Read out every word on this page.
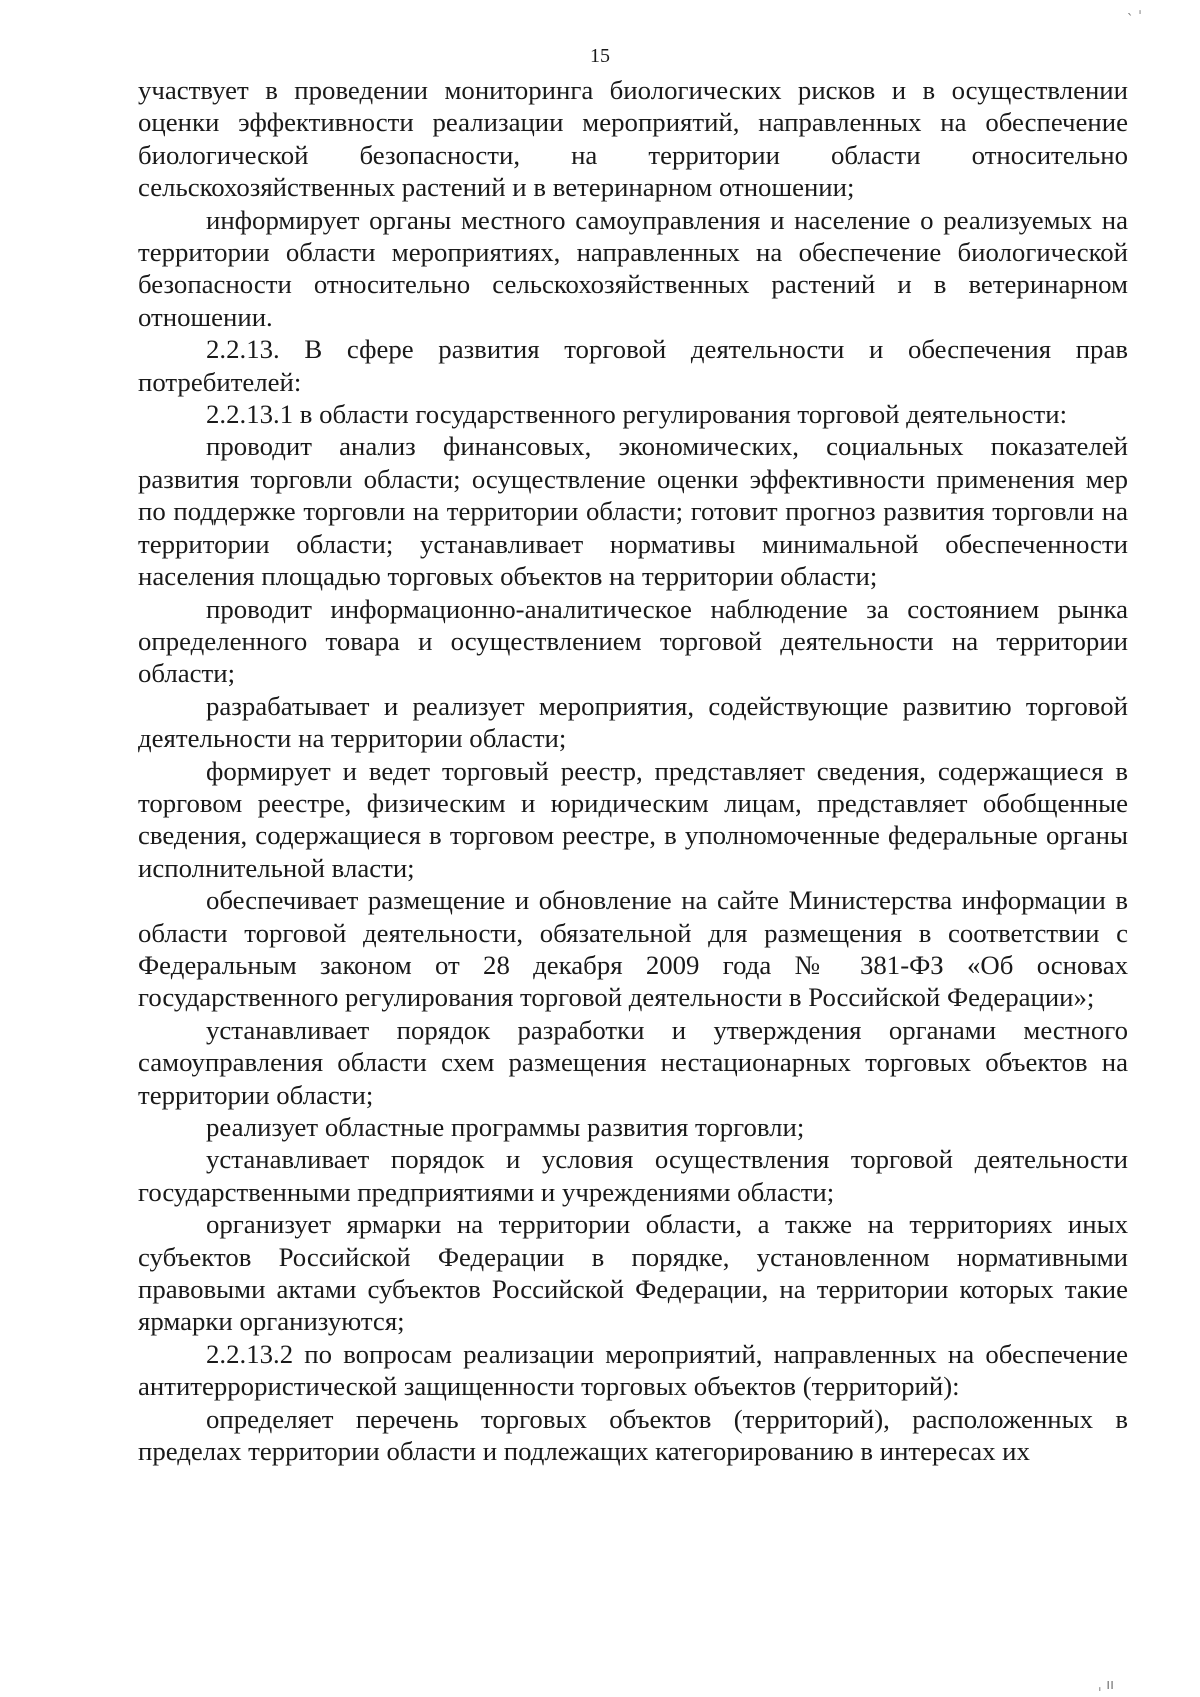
15

участвует в проведении мониторинга биологических рисков и в осуществлении оценки эффективности реализации мероприятий, направленных на обеспечение биологической безопасности, на территории области относительно сельскохозяйственных растений и в ветеринарном отношении;

информирует органы местного самоуправления и население о реализуемых на территории области мероприятиях, направленных на обеспечение биологической безопасности относительно сельскохозяйственных растений и в ветеринарном отношении.

2.2.13. В сфере развития торговой деятельности и обеспечения прав потребителей:

2.2.13.1 в области государственного регулирования торговой деятельности:

проводит анализ финансовых, экономических, социальных показателей развития торговли области; осуществление оценки эффективности применения мер по поддержке торговли на территории области; готовит прогноз развития торговли на территории области; устанавливает нормативы минимальной обеспеченности населения площадью торговых объектов на территории области;

проводит информационно-аналитическое наблюдение за состоянием рынка определенного товара и осуществлением торговой деятельности на территории области;

разрабатывает и реализует мероприятия, содействующие развитию торговой деятельности на территории области;

формирует и ведет торговый реестр, представляет сведения, содержащиеся в торговом реестре, физическим и юридическим лицам, представляет обобщенные сведения, содержащиеся в торговом реестре, в уполномоченные федеральные органы исполнительной власти;

обеспечивает размещение и обновление на сайте Министерства информации в области торговой деятельности, обязательной для размещения в соответствии с Федеральным законом от 28 декабря 2009 года № 381-ФЗ «Об основах государственного регулирования торговой деятельности в Российской Федерации»;

устанавливает порядок разработки и утверждения органами местного самоуправления области схем размещения нестационарных торговых объектов на территории области;

реализует областные программы развития торговли;

устанавливает порядок и условия осуществления торговой деятельности государственными предприятиями и учреждениями области;

организует ярмарки на территории области, а также на территориях иных субъектов Российской Федерации в порядке, установленном нормативными правовыми актами субъектов Российской Федерации, на территории которых такие ярмарки организуются;

2.2.13.2 по вопросам реализации мероприятий, направленных на обеспечение антитеррористической защищенности торговых объектов (территорий):

определяет перечень торговых объектов (территорий), расположенных в пределах территории области и подлежащих категорированию в интересах их

ˎ ˌ
ˌ ıı
